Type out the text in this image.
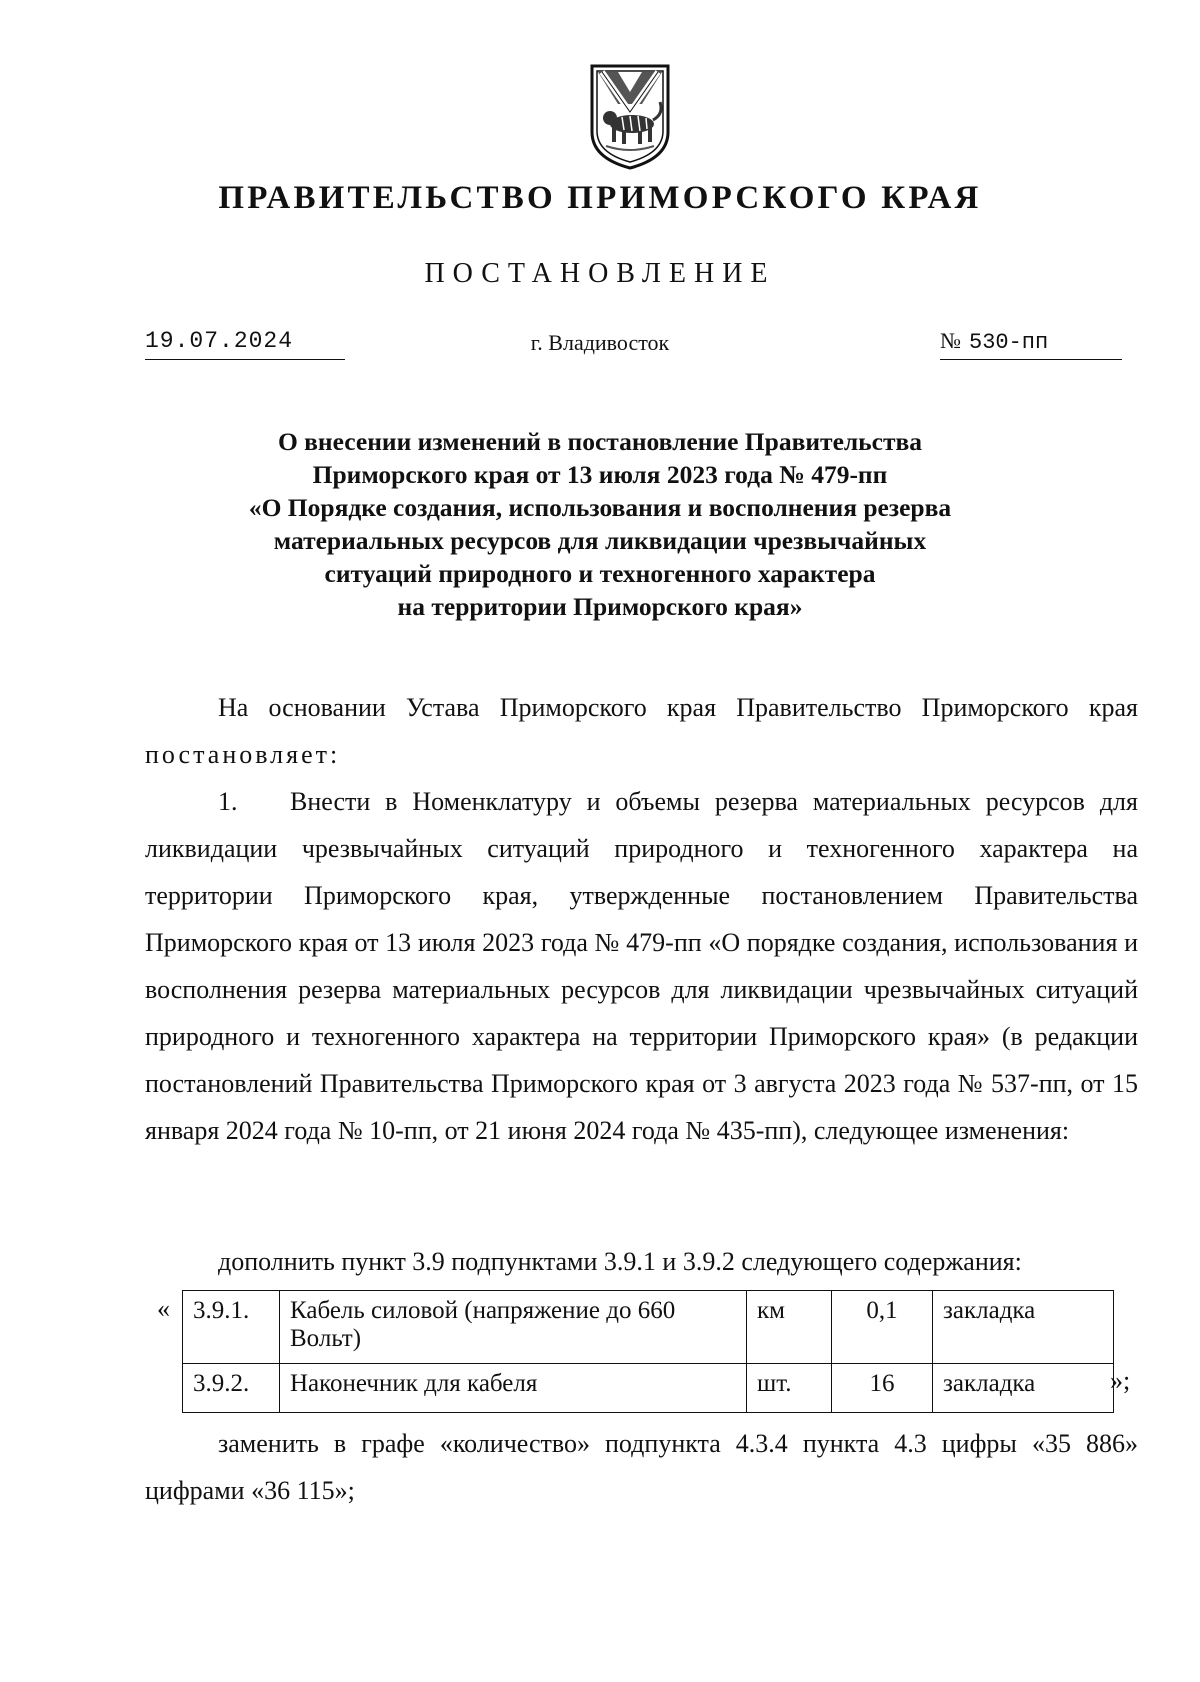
ПРАВИТЕЛЬСТВО ПРИМОРСКОГО КРАЯ
ПОСТАНОВЛЕНИЕ
19.07.2024	г. Владивосток	№ 530-пп
О внесении изменений в постановление Правительства
Приморского края от 13 июля 2023 года № 479-пп
«О Порядке создания, использования и восполнения резерва
материальных ресурсов для ликвидации чрезвычайных
ситуаций природного и техногенного характера
на территории Приморского края»
На основании Устава Приморского края Правительство Приморского края постановляет:
1. Внести в Номенклатуру и объемы резерва материальных ресурсов для ликвидации чрезвычайных ситуаций природного и техногенного характера на территории Приморского края, утвержденные постановлением Правительства Приморского края от 13 июля 2023 года № 479-пп «О порядке создания, использования и восполнения резерва материальных ресурсов для ликвидации чрезвычайных ситуаций природного и техногенного характера на территории Приморского края» (в редакции постановлений Правительства Приморского края от 3 августа 2023 года № 537-пп, от 15 января 2024 года № 10-пп, от 21 июня 2024 года № 435-пп), следующее изменения:
дополнить пункт 3.9 подпунктами 3.9.1 и 3.9.2 следующего содержания:
« 3.9.1.	Кабель силовой (напряжение до 660 Вольт)	км	0,1	закладка
3.9.2.	Наконечник для кабеля	шт.	16	закладка	»;
заменить в графе «количество» подпункта 4.3.4 пункта 4.3 цифры «35 886» цифрами «36 115»;
